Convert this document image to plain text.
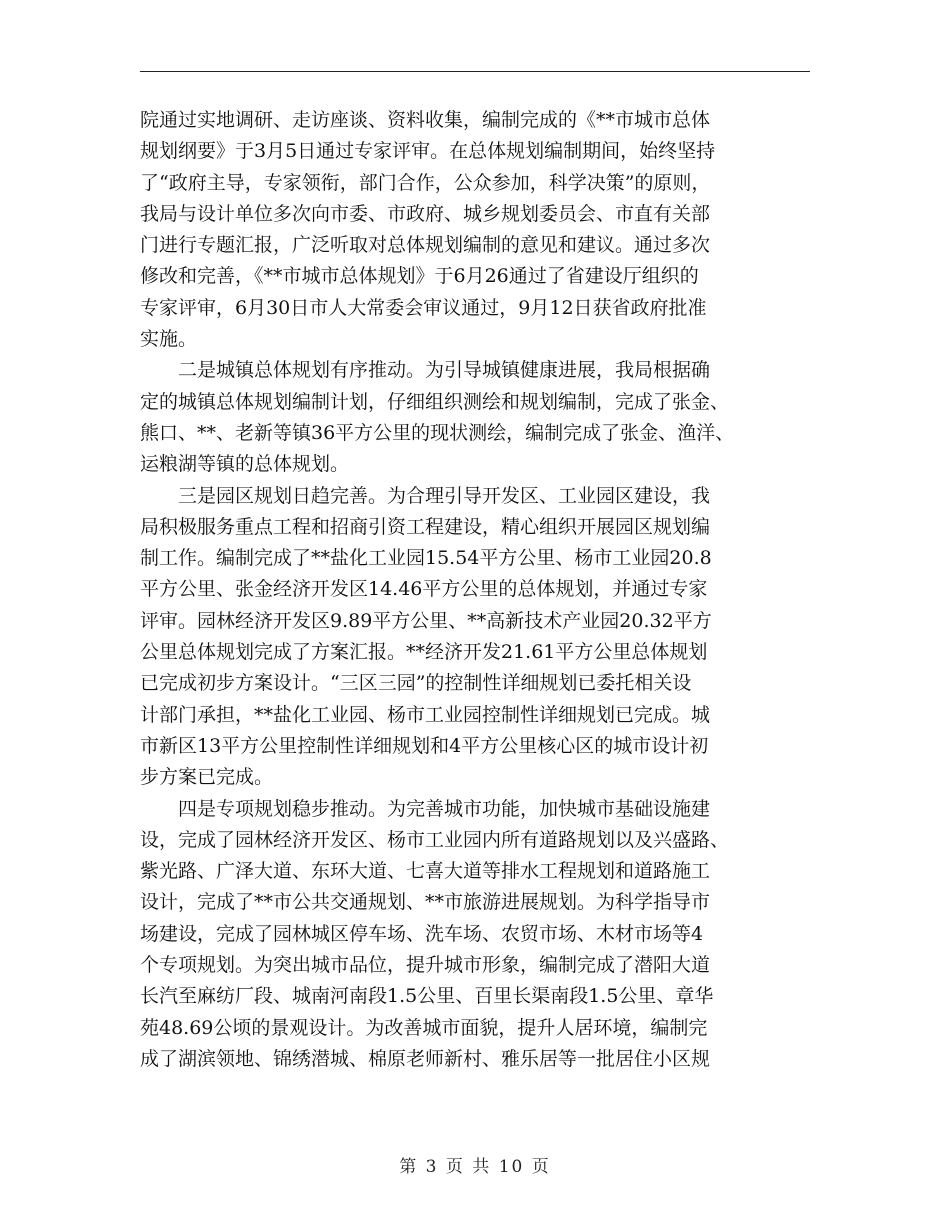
院通过实地调研、走访座谈、资料收集，编制完成的《**市城市总体
规划纲要》于3月5日通过专家评审。在总体规划编制期间，始终坚持
了“政府主导，专家领衔，部门合作，公众参加，科学决策”的原则，
我局与设计单位多次向市委、市政府、城乡规划委员会、市直有关部
门进行专题汇报，广泛听取对总体规划编制的意见和建议。通过多次
修改和完善，《**市城市总体规划》于6月26通过了省建设厅组织的
专家评审，6月30日市人大常委会审议通过，9月12日获省政府批准
实施。
二是城镇总体规划有序推动。为引导城镇健康进展，我局根据确
定的城镇总体规划编制计划，仔细组织测绘和规划编制，完成了张金、
熊口、**、老新等镇36平方公里的现状测绘，编制完成了张金、渔洋、
运粮湖等镇的总体规划。
三是园区规划日趋完善。为合理引导开发区、工业园区建设，我
局积极服务重点工程和招商引资工程建设，精心组织开展园区规划编
制工作。编制完成了**盐化工业园15.54平方公里、杨市工业园20.8
平方公里、张金经济开发区14.46平方公里的总体规划，并通过专家
评审。园林经济开发区9.89平方公里、**高新技术产业园20.32平方
公里总体规划完成了方案汇报。**经济开发21.61平方公里总体规划
已完成初步方案设计。“三区三园”的控制性详细规划已委托相关设
计部门承担，**盐化工业园、杨市工业园控制性详细规划已完成。城
市新区13平方公里控制性详细规划和4平方公里核心区的城市设计初
步方案已完成。
四是专项规划稳步推动。为完善城市功能，加快城市基础设施建
设，完成了园林经济开发区、杨市工业园内所有道路规划以及兴盛路、
紫光路、广泽大道、东环大道、七喜大道等排水工程规划和道路施工
设计，完成了**市公共交通规划、**市旅游进展规划。为科学指导市
场建设，完成了园林城区停车场、洗车场、农贸市场、木材市场等4
个专项规划。为突出城市品位，提升城市形象，编制完成了潜阳大道
长汽至麻纺厂段、城南河南段1.5公里、百里长渠南段1.5公里、章华
苑48.69公顷的景观设计。为改善城市面貌，提升人居环境，编制完
成了湖滨领地、锦绣潜城、棉原老师新村、雅乐居等一批居住小区规
第 3 页 共 10 页
